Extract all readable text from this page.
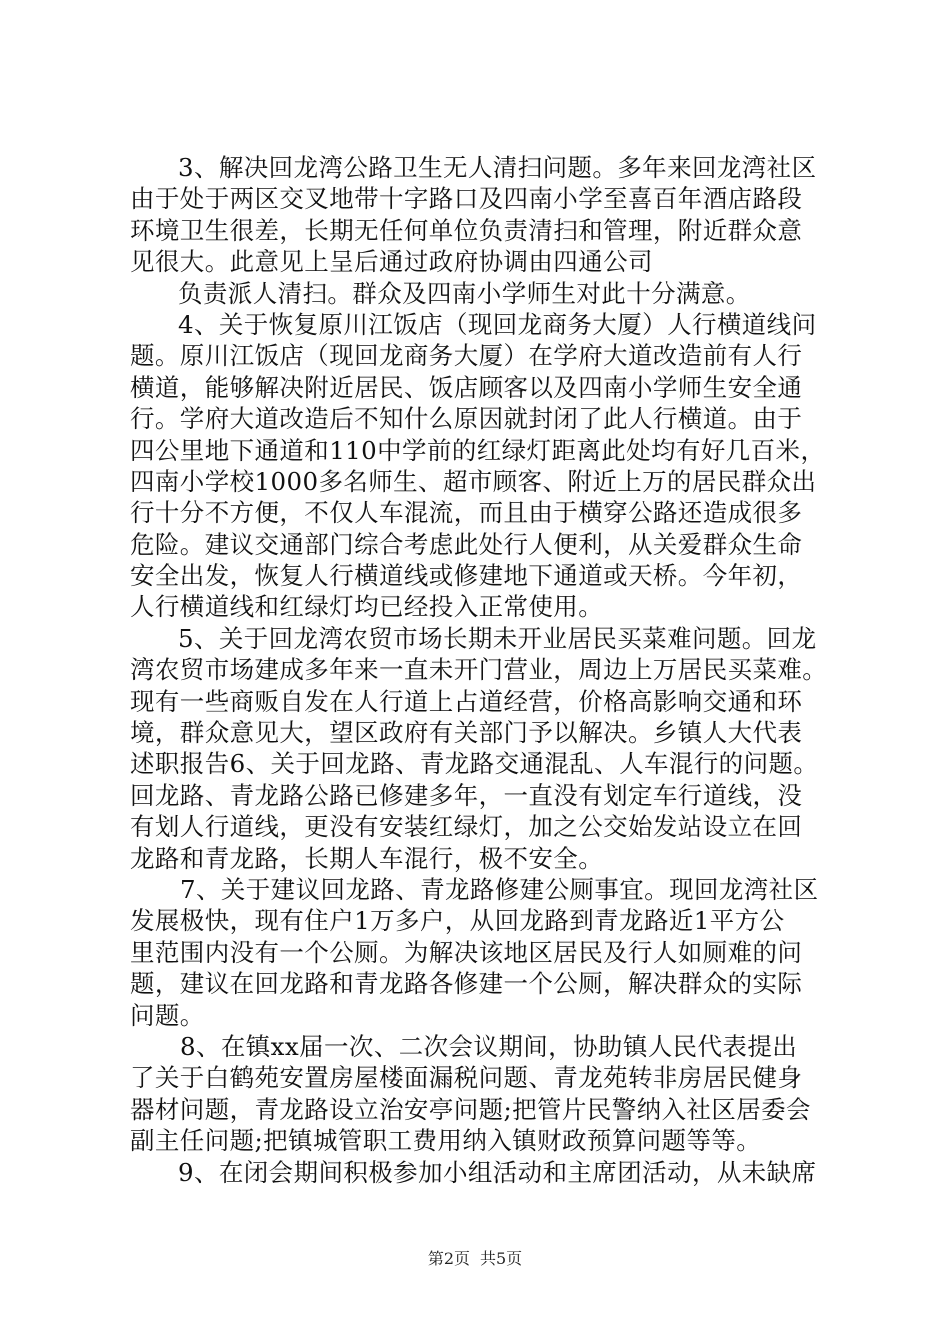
3、解决回龙湾公路卫生无人清扫问题。多年来回龙湾社区
由于处于两区交叉地带十字路口及四南小学至喜百年酒店路段
环境卫生很差，长期无任何单位负责清扫和管理，附近群众意
见很大。此意见上呈后通过政府协调由四通公司
负责派人清扫。群众及四南小学师生对此十分满意。
4、关于恢复原川江饭店（现回龙商务大厦）人行横道线问
题。原川江饭店（现回龙商务大厦）在学府大道改造前有人行
横道，能够解决附近居民、饭店顾客以及四南小学师生安全通
行。学府大道改造后不知什么原因就封闭了此人行横道。由于
四公里地下通道和110中学前的红绿灯距离此处均有好几百米，
四南小学校1000多名师生、超市顾客、附近上万的居民群众出
行十分不方便，不仅人车混流，而且由于横穿公路还造成很多
危险。建议交通部门综合考虑此处行人便利，从关爱群众生命
安全出发，恢复人行横道线或修建地下通道或天桥。今年初，
人行横道线和红绿灯均已经投入正常使用。
5、关于回龙湾农贸市场长期未开业居民买菜难问题。回龙
湾农贸市场建成多年来一直未开门营业，周边上万居民买菜难。
现有一些商贩自发在人行道上占道经营，价格高影响交通和环
境，群众意见大，望区政府有关部门予以解决。乡镇人大代表
述职报告6、关于回龙路、青龙路交通混乱、人车混行的问题。
回龙路、青龙路公路已修建多年，一直没有划定车行道线，没
有划人行道线，更没有安装红绿灯，加之公交始发站设立在回
龙路和青龙路，长期人车混行，极不安全。
7、关于建议回龙路、青龙路修建公厕事宜。现回龙湾社区
发展极快，现有住户1万多户，从回龙路到青龙路近1平方公
里范围内没有一个公厕。为解决该地区居民及行人如厕难的问
题，建议在回龙路和青龙路各修建一个公厕，解决群众的实际
问题。
8、在镇xx届一次、二次会议期间，协助镇人民代表提出
了关于白鹤苑安置房屋楼面漏税问题、青龙苑转非房居民健身
器材问题，青龙路设立治安亭问题;把管片民警纳入社区居委会
副主任问题;把镇城管职工费用纳入镇财政预算问题等等。
9、在闭会期间积极参加小组活动和主席团活动，从未缺席
第2页 共5页
